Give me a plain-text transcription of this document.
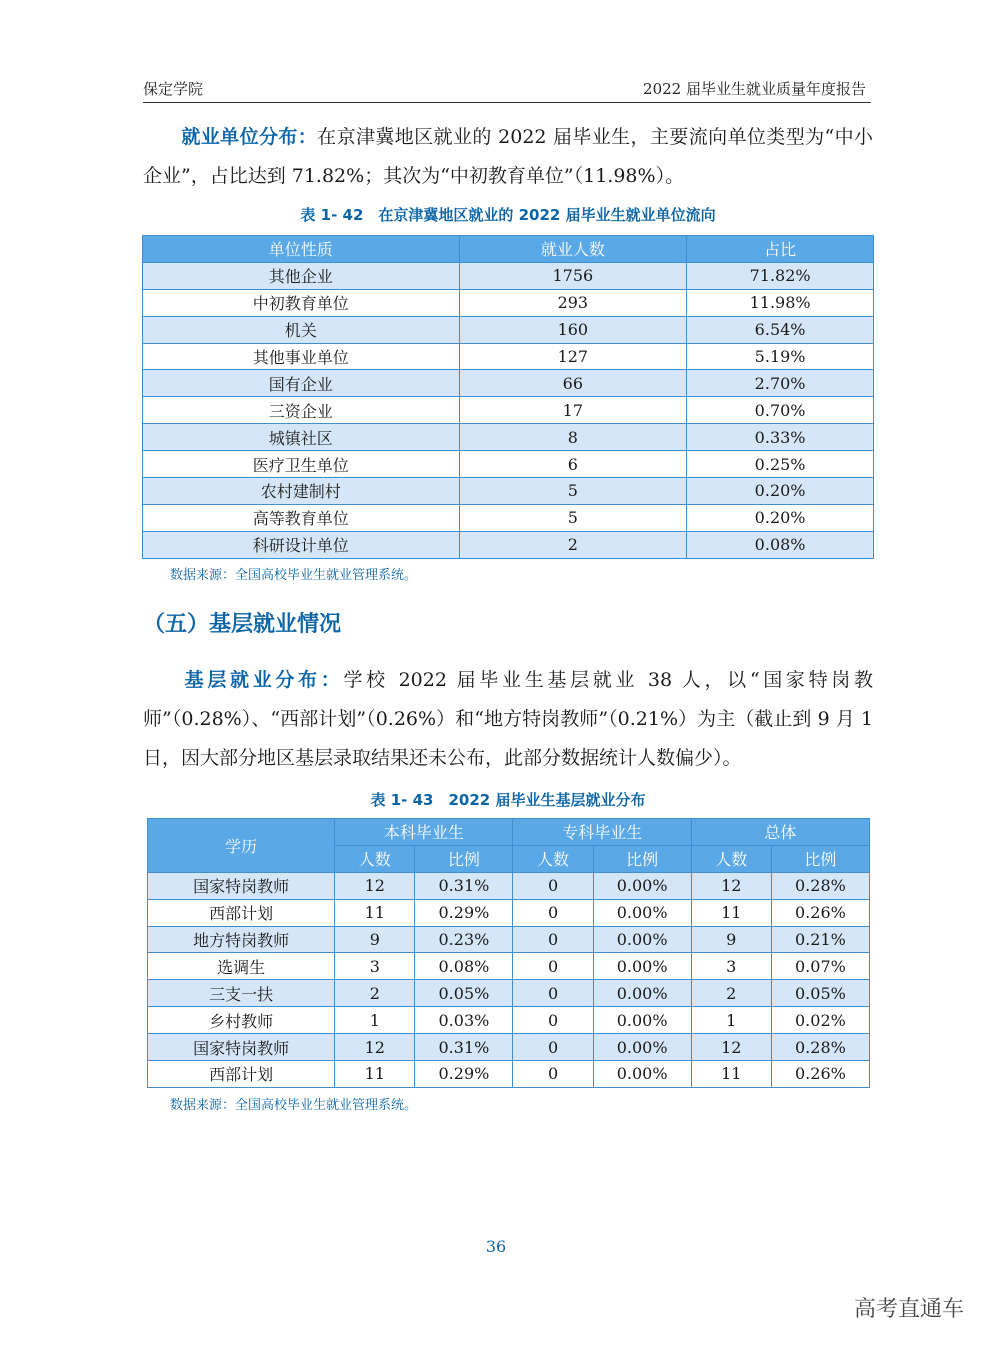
保定学院	2022 届毕业生就业质量年度报告
就业单位分布：在京津冀地区就业的 2022 届毕业生，主要流向单位类型为“中小企业”，占比达到 71.82%；其次为“中初教育单位”（11.98%）。
表 1- 42　在京津冀地区就业的 2022 届毕业生就业单位流向
单位性质	就业人数	占比
其他企业	1756	71.82%
中初教育单位	293	11.98%
机关	160	6.54%
其他事业单位	127	5.19%
国有企业	66	2.70%
三资企业	17	0.70%
城镇社区	8	0.33%
医疗卫生单位	6	0.25%
农村建制村	5	0.20%
高等教育单位	5	0.20%
科研设计单位	2	0.08%
数据来源：全国高校毕业生就业管理系统。
（五）基层就业情况
基层就业分布：学校 2022 届毕业生基层就业 38 人，以“国家特岗教师”（0.28%）、“西部计划”（0.26%）和“地方特岗教师”（0.21%）为主（截止到 9 月 1 日，因大部分地区基层录取结果还未公布，此部分数据统计人数偏少）。
表 1- 43　2022 届毕业生基层就业分布
学历	本科毕业生		专科毕业生		总体	
	人数	比例	人数	比例	人数	比例
国家特岗教师	12	0.31%	0	0.00%	12	0.28%
西部计划	11	0.29%	0	0.00%	11	0.26%
地方特岗教师	9	0.23%	0	0.00%	9	0.21%
选调生	3	0.08%	0	0.00%	3	0.07%
三支一扶	2	0.05%	0	0.00%	2	0.05%
乡村教师	1	0.03%	0	0.00%	1	0.02%
国家特岗教师	12	0.31%	0	0.00%	12	0.28%
西部计划	11	0.29%	0	0.00%	11	0.26%
数据来源：全国高校毕业生就业管理系统。
36
高考直通车
